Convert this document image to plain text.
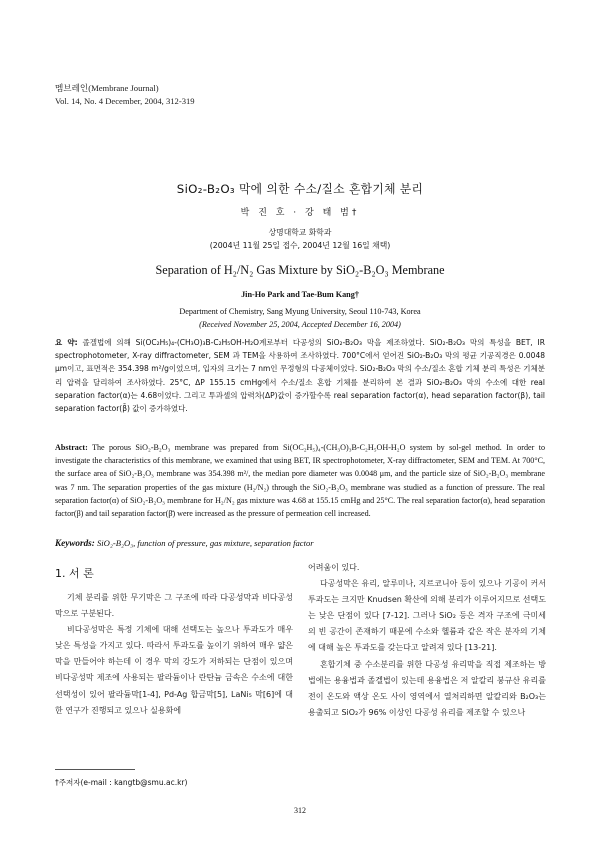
멤브레인(Membrane Journal)
Vol. 14, No. 4 December, 2004, 312-319
SiO₂-B₂O₃ 막에 의한 수소/질소 혼합기체 분리
박 진 호 · 강 태 범†
상명대학교 화학과
(2004년 11월 25일 접수, 2004년 12월 16일 채택)
Separation of H₂/N₂ Gas Mixture by SiO₂-B₂O₃ Membrane
Jin-Ho Park and Tae-Bum Kang†
Department of Chemistry, Sang Myung University, Seoul 110-743, Korea
(Received November 25, 2004, Accepted December 16, 2004)
요 약: 졸겔법에 의해 Si(OC₂H₅)₄-(CH₃O)₃B-C₂H₅OH-H₂O계로부터 다공성의 SiO₂-B₂O₃ 막을 제조하였다. SiO₂-B₂O₃ 막의 특성을 BET, IR spectrophotometer, X-ray diffractometer, SEM 과 TEM을 사용하여 조사하였다. 700°C에서 얻어진 SiO₂-B₂O₃ 막의 평균 기공직경은 0.0048 μm이고, 표면적은 354.398 m²/g이었으며, 입자의 크기는 7 nm인 무정형의 다공체이었다. SiO₂-B₂O₃ 막의 수소/질소 혼합 기체 분리 특성은 기체분리 압력을 달리하여 조사하였다. 25°C, ΔP 155.15 cmHg에서 수소/질소 혼합 기체를 분리하여 본 결과 SiO₂-B₂O₃ 막의 수소에 대한 real separation factor(α)는 4.68이었다. 그리고 투과셀의 압력차(ΔP)값이 증가할수록 real separation factor(α), head separation factor(β), tail separation factor(β̄) 값이 증가하였다.
Abstract: The porous SiO₂-B₂O₃ membrane was prepared from Si(OC₂H₅)₄-(CH₃O)₃B-C₂H₅OH-H₂O system by sol-gel method. In order to investigate the characteristics of this membrane, we examined that using BET, IR spectrophotometer, X-ray diffractometer, SEM and TEM. At 700°C, the surface area of SiO₂-B₂O₃ membrane was 354.398 m²/, the median pore diameter was 0.0048 μm, and the particle size of SiO₂-B₂O₃ membrane was 7 nm. The separation properties of the gas mixture (H₂/N₂) through the SiO₂-B₂O₃ membrane was studied as a function of pressure. The real separation factor(α) of SiO₂-B₂O₃ membrane for H₂/N₂ gas mixture was 4.68 at 155.15 cmHg and 25°C. The real separation factor(α), head separation factor(β) and tail separation factor(β̄) were increased as the pressure of permeation cell increased.
Keywords: SiO₂-B₂O₃, function of pressure, gas mixture, separation factor
1. 서 론

기체 분리를 위한 무기막은 그 구조에 따라 다공성막과 비다공성 막으로 구분된다.

비다공성막은 특정 기체에 대해 선택도는 높으나 투과도가 매우 낮은 특성을 가지고 있다. 따라서 투과도를 높이기 위하여 매우 얇은 막을 만들어야 하는데 이 경우 막의 강도가 저하되는 단점이 있으며 비다공성막 제조에 사용되는 팔라듐이나 란탄늄 금속은 수소에 대한 선택성이 있어 팔라듐막[1-4], Pd-Ag 합금막[5], LaNi₅ 막[6]에 대한 연구가 진행되고 있으나 실용화에

어려움이 있다.

다공성막은 유리, 알루미나, 지르코니아 등이 있으나 기공이 커서 투과도는 크지만 Knudsen 확산에 의해 분리가 이루어지므로 선택도는 낮은 단점이 있다 [7-12]. 그러나 SiO₂ 등은 격자 구조에 극미세의 빈 공간이 존재하기 때문에 수소와 헬륨과 같은 작은 분자의 기체에 대해 높은 투과도를 갖는다고 알려져 있다 [13-21].

혼합기체 중 수소분리를 위한 다공성 유리막을 직접 제조하는 방법에는 용융법과 졸겔법이 있는데 용융법은 저 알칼리 붕규산 유리를 전이 온도와 액상 온도 사이 영역에서 열처리하면 알칼리와 B₂O₃는 용출되고 SiO₂가 96% 이상인 다공성 유리를 제조할 수 있으나

†주저자(e-mail : kangtb@smu.ac.kr)
312
